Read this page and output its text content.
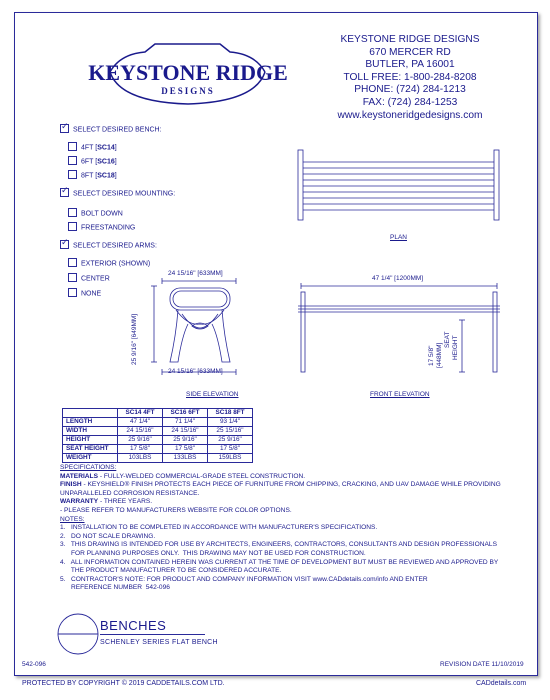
KEYSTONE RIDGE
DESIGNS
KEYSTONE RIDGE DESIGNS
670 MERCER RD
BUTLER, PA 16001
TOLL FREE: 1-800-284-8208
PHONE: (724) 284-1213
FAX: (724) 284-1253
www.keystoneridgedesigns.com
✓SELECT DESIRED BENCH:
4FT [SC14]
6FT [SC16]
8FT [SC18]
✓SELECT DESIRED MOUNTING:
BOLT DOWN
FREESTANDING
✓SELECT DESIRED ARMS:
EXTERIOR (SHOWN)
CENTER
NONE
PLAN
24 15/16" [633MM]
24 15/16" [633MM]
25 9/16" [649MM]
SIDE ELEVATION
47 1/4" [1200MM]
17 5/8" [448MM]
SEAT HEIGHT
FRONT ELEVATION
	SC14 4FT	SC16 6FT	SC18 8FT
LENGTH	47 1/4"	71 1/4"	93 1/4"
WIDTH	24 15/16"	24 15/16"	25 15/16"
HEIGHT	25 9/16"	25 9/16"	25 9/16"
SEAT HEIGHT	17 5/8"	17 5/8"	17 5/8"
WEIGHT	103LBS	133LBS	159LBS
SPECIFICATIONS:
MATERIALS - FULLY-WELDED COMMERCIAL-GRADE STEEL CONSTRUCTION.
FINISH - KEYSHIELD® FINISH PROTECTS EACH PIECE OF FURNITURE FROM CHIPPING, CRACKING, AND UAV DAMAGE WHILE PROVIDING
UNPARALLELED CORROSION RESISTANCE.
WARRANTY - THREE YEARS.
- PLEASE REFER TO MANUFACTURERS WEBSITE FOR COLOR OPTIONS.
NOTES:
1.   INSTALLATION TO BE COMPLETED IN ACCORDANCE WITH MANUFACTURER'S SPECIFICATIONS.
2.   DO NOT SCALE DRAWING.
3.   THIS DRAWING IS INTENDED FOR USE BY ARCHITECTS, ENGINEERS, CONTRACTORS, CONSULTANTS AND DESIGN PROFESSIONALS
FOR PLANNING PURPOSES ONLY.  THIS DRAWING MAY NOT BE USED FOR CONSTRUCTION.
4.   ALL INFORMATION CONTAINED HEREIN WAS CURRENT AT THE TIME OF DEVELOPMENT BUT MUST BE REVIEWED AND APPROVED BY
THE PRODUCT MANUFACTURER TO BE CONSIDERED ACCURATE.
5.   CONTRACTOR'S NOTE: FOR PRODUCT AND COMPANY INFORMATION VISIT www.CADdetails.com/info AND ENTER
REFERENCE NUMBER  542-096
BENCHES
SCHENLEY SERIES FLAT BENCH
542-096	REVISION DATE 11/10/2019
PROTECTED BY COPYRIGHT © 2019 CADDETAILS.COM LTD.	CADdetails.com
